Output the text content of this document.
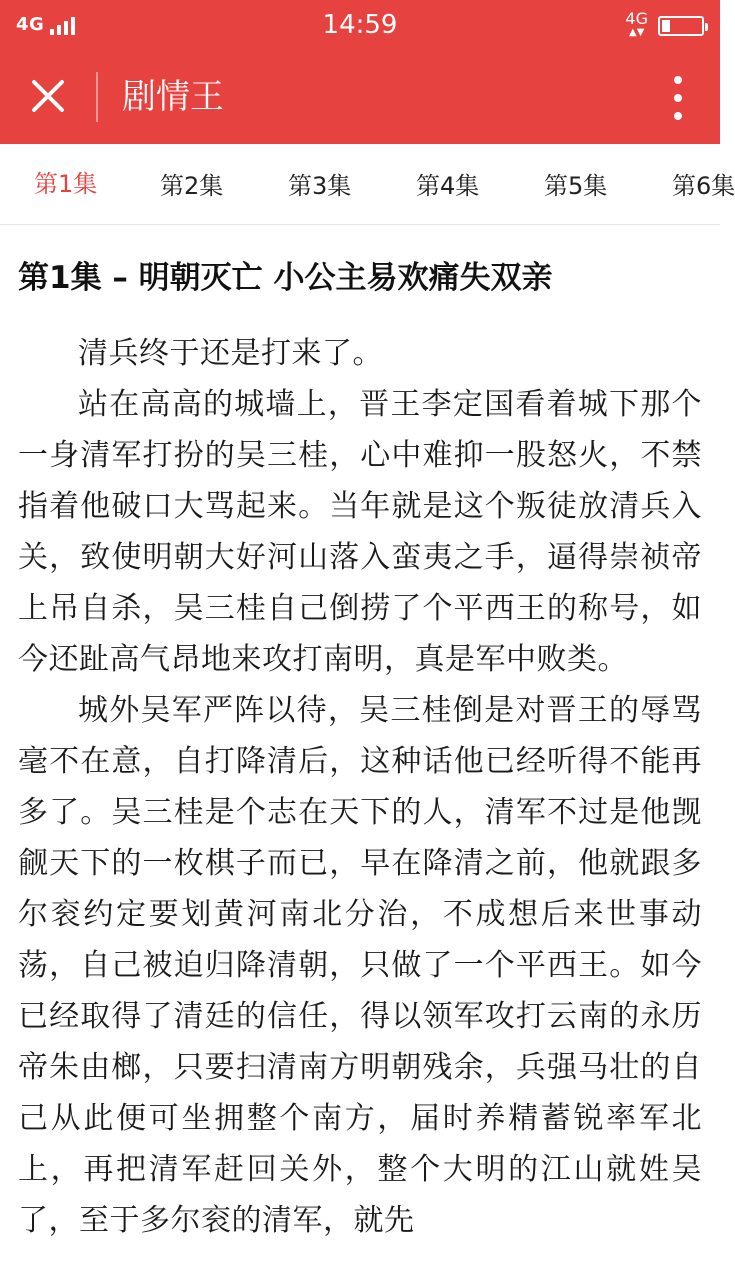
4G	14:59	4G
▲▼
剧情王
第1集	第2集	第3集	第4集	第5集	第6集
第1集 – 明朝灭亡 小公主易欢痛失双亲

清兵终于还是打来了。

站在高高的城墙上，晋王李定国看着城下那个一身清军打扮的吴三桂，心中难抑一股怒火，不禁指着他破口大骂起来。当年就是这个叛徒放清兵入关，致使明朝大好河山落入蛮夷之手，逼得崇祯帝上吊自杀，吴三桂自己倒捞了个平西王的称号，如今还趾高气昂地来攻打南明，真是军中败类。

城外吴军严阵以待，吴三桂倒是对晋王的辱骂毫不在意，自打降清后，这种话他已经听得不能再多了。吴三桂是个志在天下的人，清军不过是他觊觎天下的一枚棋子而已，早在降清之前，他就跟多尔衮约定要划黄河南北分治，不成想后来世事动荡，自己被迫归降清朝，只做了一个平西王。如今已经取得了清廷的信任，得以领军攻打云南的永历帝朱由榔，只要扫清南方明朝残余，兵强马壮的自己从此便可坐拥整个南方，届时养精蓄锐率军北上，再把清军赶回关外，整个大明的江山就姓吴了，至于多尔衮的清军，就先
